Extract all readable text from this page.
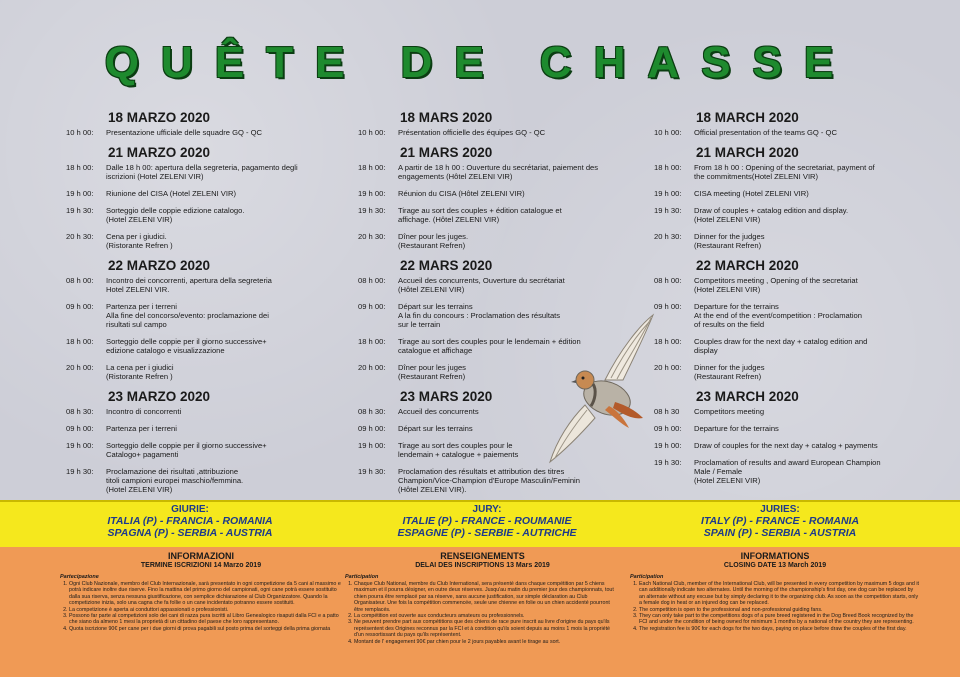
QUÊTE DE CHASSE
18 MARZO 2020
10 h 00:	Presentazione ufficiale delle squadre GQ - QC
21 MARZO 2020
18 h 00:	Dalle 18 h 00: apertura della segreteria, pagamento degli
iscrizioni (Hotel ZELENI VIR)
19 h 00:	Riunione del CISA (Hotel ZELENI VIR)
19 h 30:	Sorteggio delle coppie edizione catalogo.
(Hotel ZELENI VIR)
20 h 30:	Cena per i giudici.
(Ristorante Refren )
22 MARZO 2020
08 h 00:	Incontro dei concorrenti, apertura della segreteria
Hotel ZELENI VIR.
09 h 00:	Partenza per i terreni
Alla fine del concorso/evento: proclamazione dei
risultati sul campo
18 h 00:	Sorteggio delle coppie per il giorno successive+
edizione catalogo e visualizzazione
20 h 00:	La cena per i giudici
(Ristorante Refren )
23 MARZO 2020
08 h 30:	Incontro di concorrenti
09 h 00:	Partenza per i terreni
19 h 00:	Sorteggio delle coppie per il giorno successive+
Catalogo+ pagamenti
19 h 30:	Proclamazione dei risultati ,attribuzione
titoli campioni europei maschio/femmina.
(Hotel ZELENI VIR)
18 MARS 2020
10 h 00:	Présentation officielle des équipes GQ - QC
21 MARS 2020
18 h 00:	A partir de 18 h 00 : Ouverture du secrétariat, paiement des
engagements (Hôtel ZELENI VIR)
19 h 00:	Réunion du CISA (Hôtel ZELENI VIR)
19 h 30:	Tirage au sort des couples + édition catalogue et
affichage. (Hôtel ZELENI VIR)
20 h 30:	Dîner pour les juges.
(Restaurant Refren)
22 MARS 2020
08 h 00:	Accueil des concurrents, Ouverture du secrétariat
(Hôtel ZELENI VIR)
09 h 00:	Départ sur les terrains
A la fin du concours : Proclamation des résultats
sur le terrain
18 h 00:	Tirage au sort des couples pour le lendemain + édition
catalogue et affichage
20 h 00:	Dîner pour les juges
(Restaurant Refren)
23 MARS 2020
08 h 30:	Accueil des concurrents
09 h 00:	Départ sur les terrains
19 h 00:	Tirage au sort des couples pour le
lendemain + catalogue + paiements
19 h 30:	Proclamation des résultats et attribution des titres
Champion/Vice-Champion d'Europe Masculin/Feminin
(Hôtel ZELENI VIR).
18 MARCH 2020
10 h 00:	Official presentation of the teams GQ - QC
21 MARCH 2020
18 h 00:	From 18 h 00 : Opening of the secretariat, payment of
the commitments(Hotel ZELENI VIR)
19 h 00:	CISA meeting (Hotel ZELENI VIR)
19 h 30:	Draw of couples + catalog edition and display.
(Hotel ZELENI VIR)
20 h 30:	Dinner for the judges
(Restaurant Refren)
22 MARCH 2020
08 h 00:	Competitors meeting , Opening of the secretariat
(Hotel ZELENI VIR)
09 h 00:	Departure for the terrains
At the end of the event/competition : Proclamation
of results on the field
18 h 00:	Couples draw for the next day + catalog edition and
display
20 h 00:	Dinner for the judges
(Restaurant Refren)
23 MARCH 2020
08 h 30	Competitors meeting
09 h 00:	Departure for the terrains
19 h 00:	Draw of couples for the next day + catalog + payments
19 h 30:	Proclamation of results and award European Champion
Male / Female
(Hotel ZELENI VIR)
GIURIE:
ITALIA (P) - FRANCIA - ROMANIA
SPAGNA (P) - SERBIA - AUSTRIA
JURY:
ITALIE (P) - FRANCE - ROUMANIE
ESPAGNE (P) - SERBIE - AUTRICHE
JURIES:
ITALY (P) - FRANCE - ROMANIA
SPAIN (P) - SERBIA - AUSTRIA
INFORMAZIONI
TERMINE ISCRIZIONI 14 Marzo 2019
Partecipazione
1. Ogni Club Nazionale, membro del Club Internazionale, sarà presentato in ogni competizione da 5 cani al massimo e potrà indicare inoltre due riserve. Fino la mattina del primo giorno del campionati, ogni cane potrà essere sostituito dalla sua riserva, senza nessuna giustificazione, con semplice dichiarazione al Club Organizzatore. Quando la competizione inizia, solo una cagna che fa follie o un cane incidentato potranno essere sostituiti.
2. La competizione è aperta ai conduttori appassionati o professionisti.
3. Possono far parte al competizioni solo dei cani di razza pura iscritti al Libro Genealogico risaputi dalla FCI e a patto che siano da almeno 1 mesi la proprietà di un cittadino del paese che loro rappresentano.
4. Quota iscrizione 90€ per cane per i due giorni di prova pagabili sul posto prima del sorteggi della prima giornata
RENSEIGNEMENTS
DELAI DES INSCRIPTIONS 13 Mars 2019
Participation
1. Chaque Club National, membre du Club International, sera présenté dans chaque compétition par 5 chiens maximum et il pourra désigner, en outre deux réserves. Jusqu'au matin du premier jour des championnats, tout chien pourra être remplacé par sa réserve, sans aucune justification, sur simple déclaration au Club Organisateur. Une fois la compétition commencée, seule une chienne en folie ou un chien accidenté pourront être remplacés.
2. La compétition est ouverte aux conducteurs amateurs ou professionnels.
3. Ne peuvent prendre part aux compétitions que des chiens de race pure inscrit au livre d'origine du pays qu'ils représentent des Origines reconnus par la FCI et à condition qu'ils soient depuis au moins 1 mois la propriété d'un ressortissant du pays qu'ils représentent.
4. Montant de l' engagement 90€ par chien pour le 2 jours payables avant le tirage au sort.
INFORMATIONS
CLOSING DATE 13 March 2019
Participation
1. Each National Club, member of the International Club, will be presented in every competition by maximum 5 dogs and it can additionally indicate two alternates. Until the morning of the championship's first day, one dog can be replaced by an alternate without any excuse but by simply declaring it to the organizing club. As soon as the competition starts, only a female dog in heat or an injured dog can be replaced.
2. The competition is open to the professional and non-professional guiding fans.
3. They can only take part to the competitions dogs of a pure breed registered in the Dog Breed Book recognized by the FCI and under the condition of being owned for minimum 1 months by a national of the country they are representing.
4. The registration fee is 90€ for each dogs for the two days, paying on place before draw the couples of the first day.
